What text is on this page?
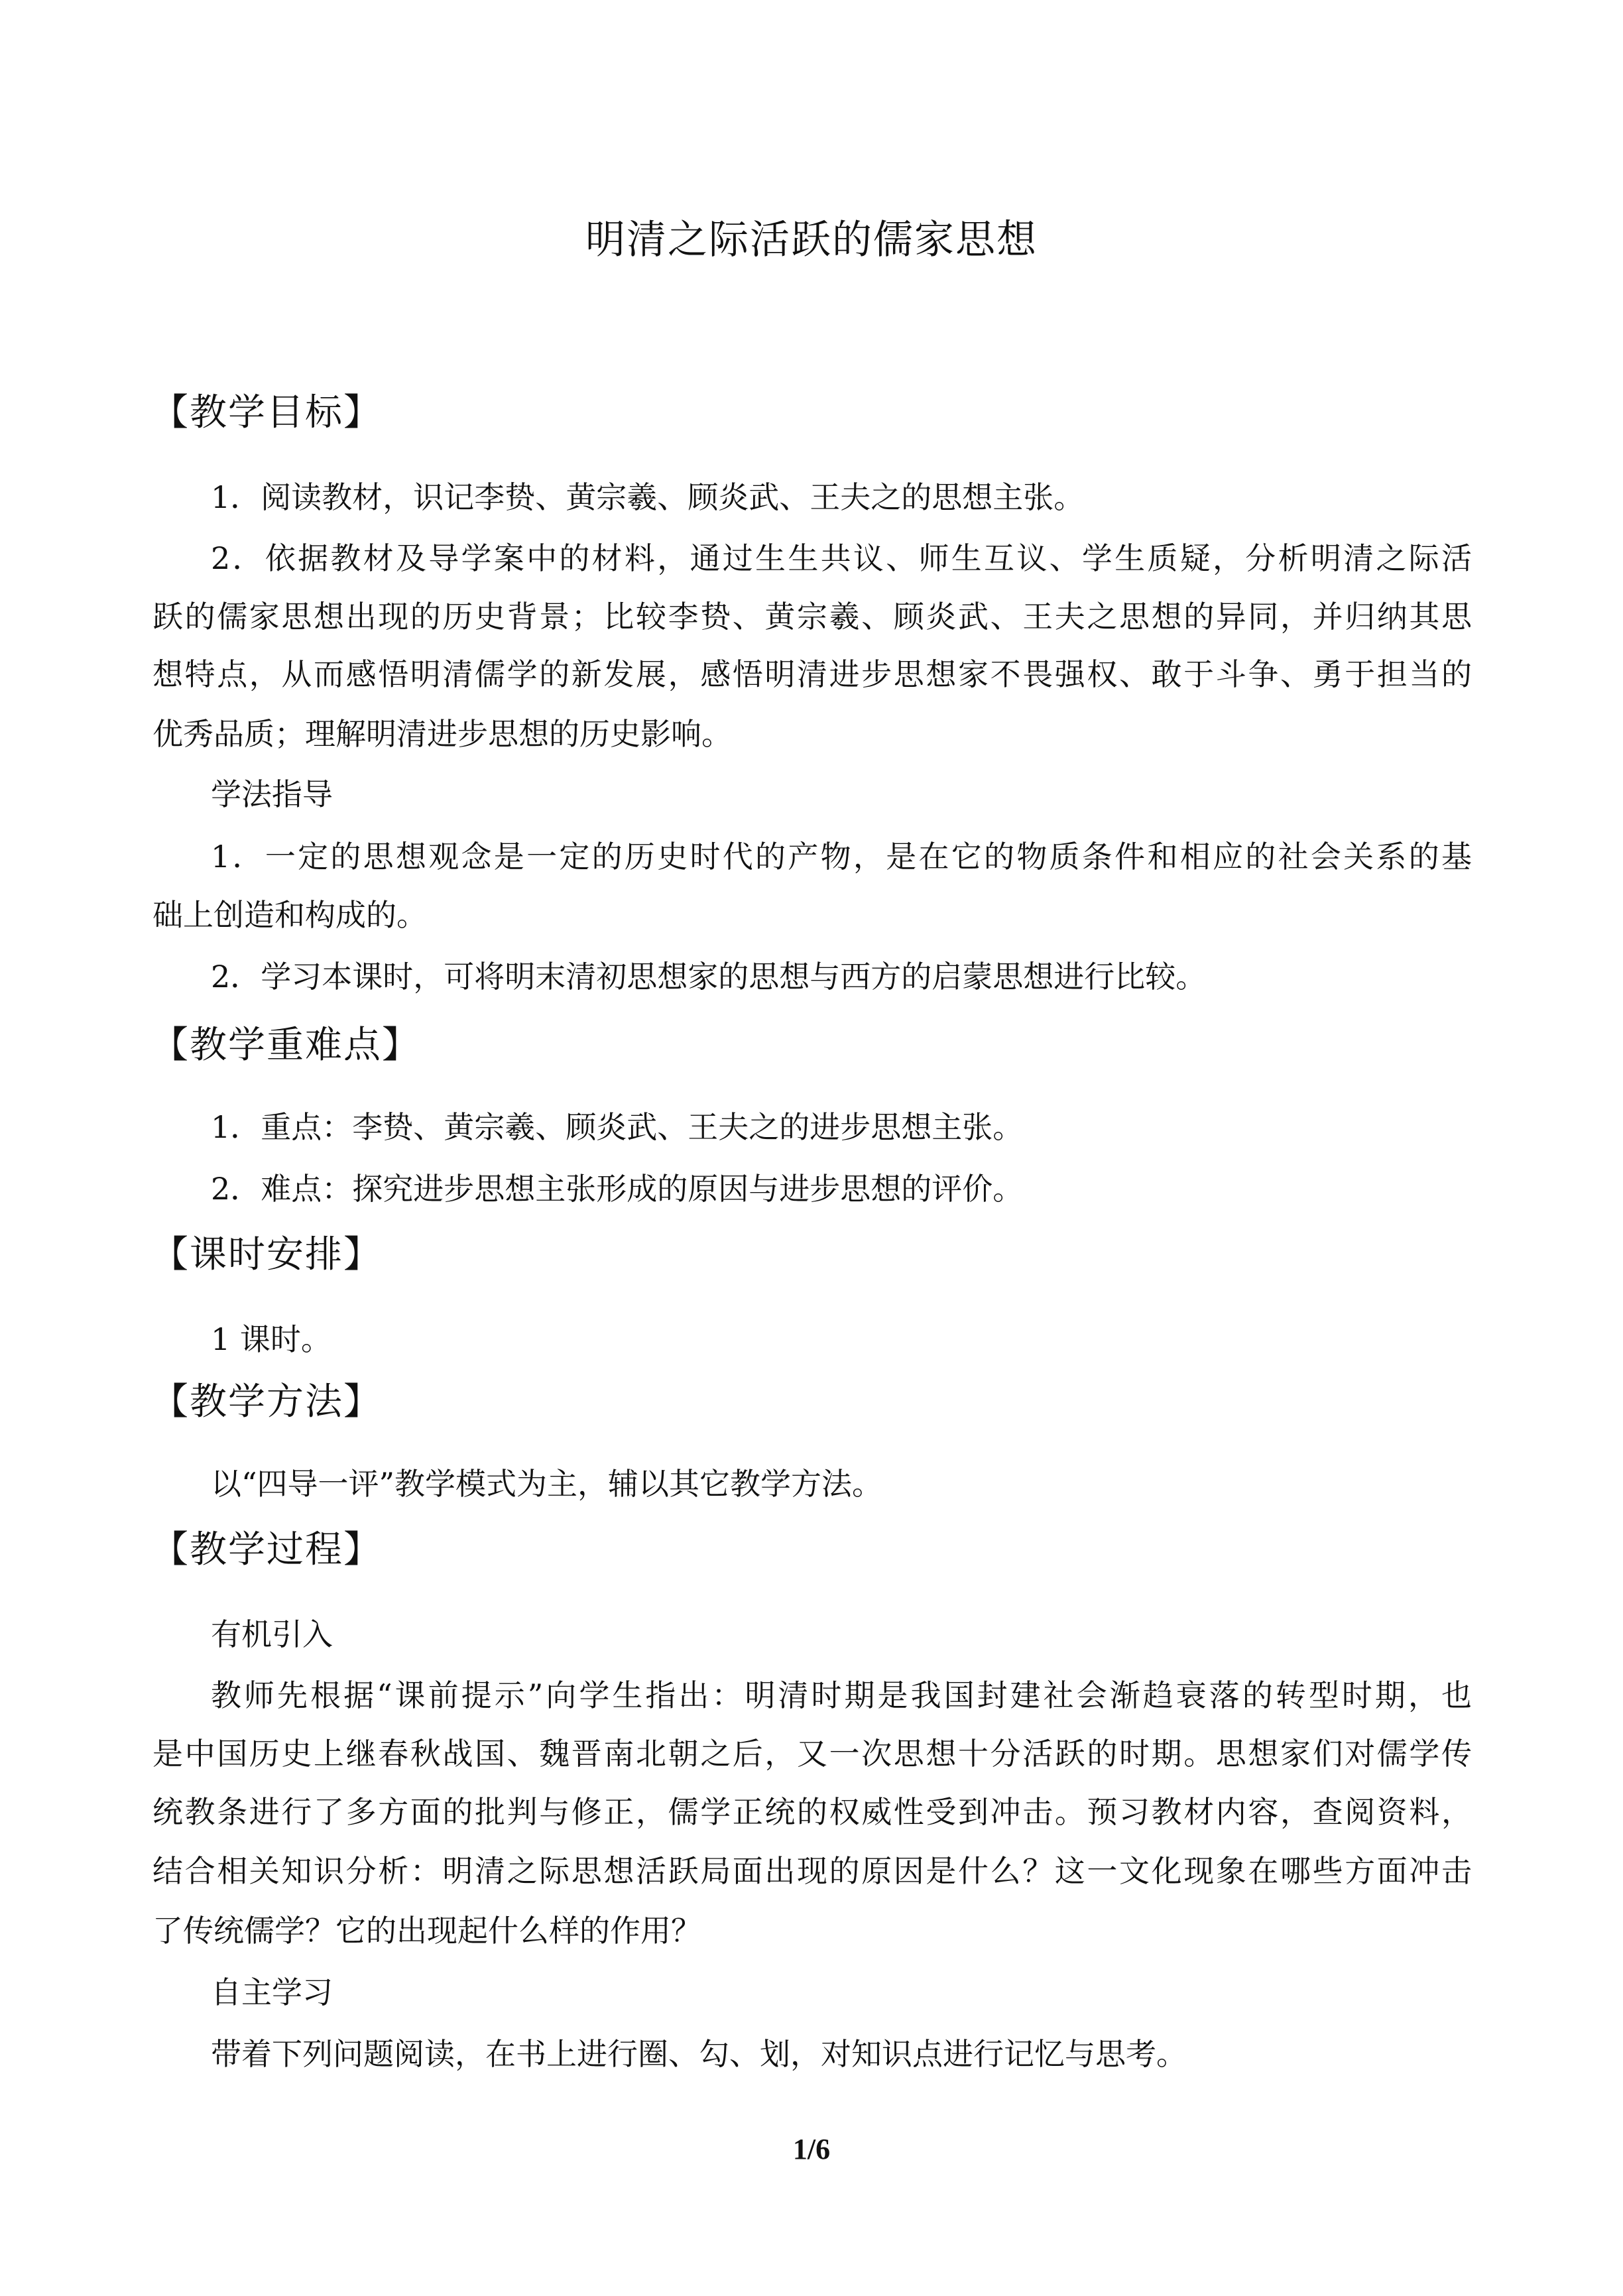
明清之际活跃的儒家思想
【教学目标】
1．阅读教材，识记李贽、黄宗羲、顾炎武、王夫之的思想主张。
2．依据教材及导学案中的材料，通过生生共议、师生互议、学生质疑，分析明清之际活
跃的儒家思想出现的历史背景；比较李贽、黄宗羲、顾炎武、王夫之思想的异同，并归纳其思
想特点，从而感悟明清儒学的新发展，感悟明清进步思想家不畏强权、敢于斗争、勇于担当的
优秀品质；理解明清进步思想的历史影响。
学法指导
1．一定的思想观念是一定的历史时代的产物，是在它的物质条件和相应的社会关系的基
础上创造和构成的。
2．学习本课时，可将明末清初思想家的思想与西方的启蒙思想进行比较。
【教学重难点】
1．重点：李贽、黄宗羲、顾炎武、王夫之的进步思想主张。
2．难点：探究进步思想主张形成的原因与进步思想的评价。
【课时安排】
1 课时。
【教学方法】
以“四导一评”教学模式为主，辅以其它教学方法。
【教学过程】
有机引入
教师先根据“课前提示”向学生指出：明清时期是我国封建社会渐趋衰落的转型时期，也
是中国历史上继春秋战国、魏晋南北朝之后，又一次思想十分活跃的时期。思想家们对儒学传
统教条进行了多方面的批判与修正，儒学正统的权威性受到冲击。预习教材内容，查阅资料，
结合相关知识分析：明清之际思想活跃局面出现的原因是什么？这一文化现象在哪些方面冲击
了传统儒学？它的出现起什么样的作用？
自主学习
带着下列问题阅读，在书上进行圈、勾、划，对知识点进行记忆与思考。
1/6
